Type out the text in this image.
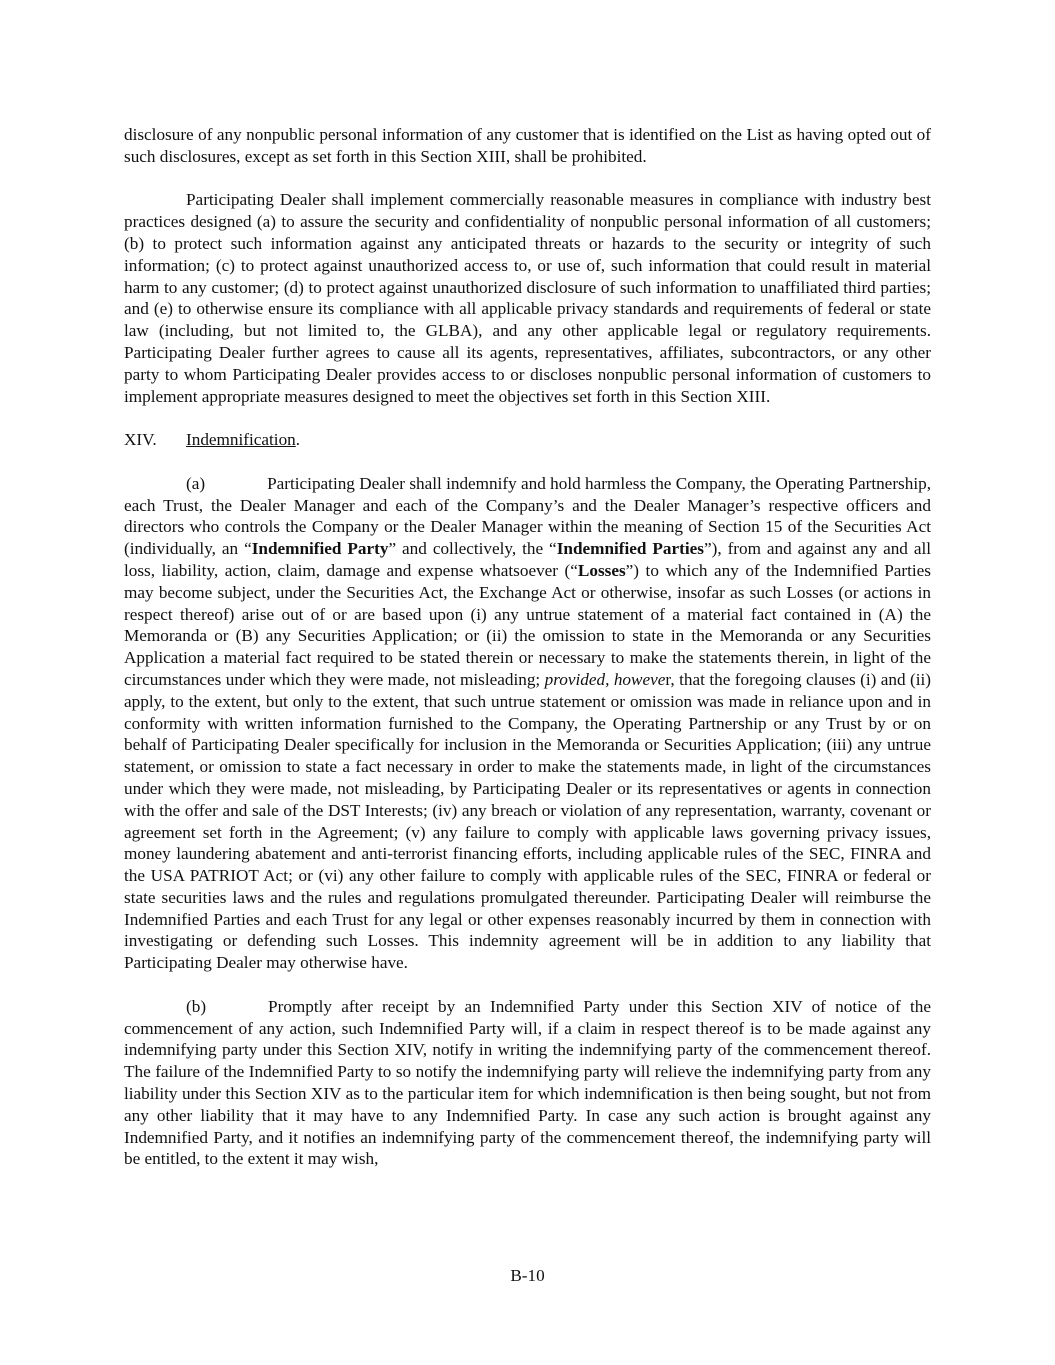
disclosure of any nonpublic personal information of any customer that is identified on the List as having opted out of such disclosures, except as set forth in this Section XIII, shall be prohibited.

Participating Dealer shall implement commercially reasonable measures in compliance with industry best practices designed (a) to assure the security and confidentiality of nonpublic personal information of all customers; (b) to protect such information against any anticipated threats or hazards to the security or integrity of such information; (c) to protect against unauthorized access to, or use of, such information that could result in material harm to any customer; (d) to protect against unauthorized disclosure of such information to unaffiliated third parties; and (e) to otherwise ensure its compliance with all applicable privacy standards and requirements of federal or state law (including, but not limited to, the GLBA), and any other applicable legal or regulatory requirements. Participating Dealer further agrees to cause all its agents, representatives, affiliates, subcontractors, or any other party to whom Participating Dealer provides access to or discloses nonpublic personal information of customers to implement appropriate measures designed to meet the objectives set forth in this Section XIII.

XIV. Indemnification.

(a)	Participating Dealer shall indemnify and hold harmless the Company, the Operating Partnership, each Trust, the Dealer Manager and each of the Company’s and the Dealer Manager’s respective officers and directors who controls the Company or the Dealer Manager within the meaning of Section 15 of the Securities Act (individually, an “Indemnified Party” and collectively, the “Indemnified Parties”), from and against any and all loss, liability, action, claim, damage and expense whatsoever (“Losses”) to which any of the Indemnified Parties may become subject, under the Securities Act, the Exchange Act or otherwise, insofar as such Losses (or actions in respect thereof) arise out of or are based upon (i) any untrue statement of a material fact contained in (A) the Memoranda or (B) any Securities Application; or (ii) the omission to state in the Memoranda or any Securities Application a material fact required to be stated therein or necessary to make the statements therein, in light of the circumstances under which they were made, not misleading; provided, however, that the foregoing clauses (i) and (ii) apply, to the extent, but only to the extent, that such untrue statement or omission was made in reliance upon and in conformity with written information furnished to the Company, the Operating Partnership or any Trust by or on behalf of Participating Dealer specifically for inclusion in the Memoranda or Securities Application; (iii) any untrue statement, or omission to state a fact necessary in order to make the statements made, in light of the circumstances under which they were made, not misleading, by Participating Dealer or its representatives or agents in connection with the offer and sale of the DST Interests; (iv) any breach or violation of any representation, warranty, covenant or agreement set forth in the Agreement; (v) any failure to comply with applicable laws governing privacy issues, money laundering abatement and anti-terrorist financing efforts, including applicable rules of the SEC, FINRA and the USA PATRIOT Act; or (vi) any other failure to comply with applicable rules of the SEC, FINRA or federal or state securities laws and the rules and regulations promulgated thereunder. Participating Dealer will reimburse the Indemnified Parties and each Trust for any legal or other expenses reasonably incurred by them in connection with investigating or defending such Losses. This indemnity agreement will be in addition to any liability that Participating Dealer may otherwise have.

(b)	Promptly after receipt by an Indemnified Party under this Section XIV of notice of the commencement of any action, such Indemnified Party will, if a claim in respect thereof is to be made against any indemnifying party under this Section XIV, notify in writing the indemnifying party of the commencement thereof. The failure of the Indemnified Party to so notify the indemnifying party will relieve the indemnifying party from any liability under this Section XIV as to the particular item for which indemnification is then being sought, but not from any other liability that it may have to any Indemnified Party. In case any such action is brought against any Indemnified Party, and it notifies an indemnifying party of the commencement thereof, the indemnifying party will be entitled, to the extent it may wish,

B-10
